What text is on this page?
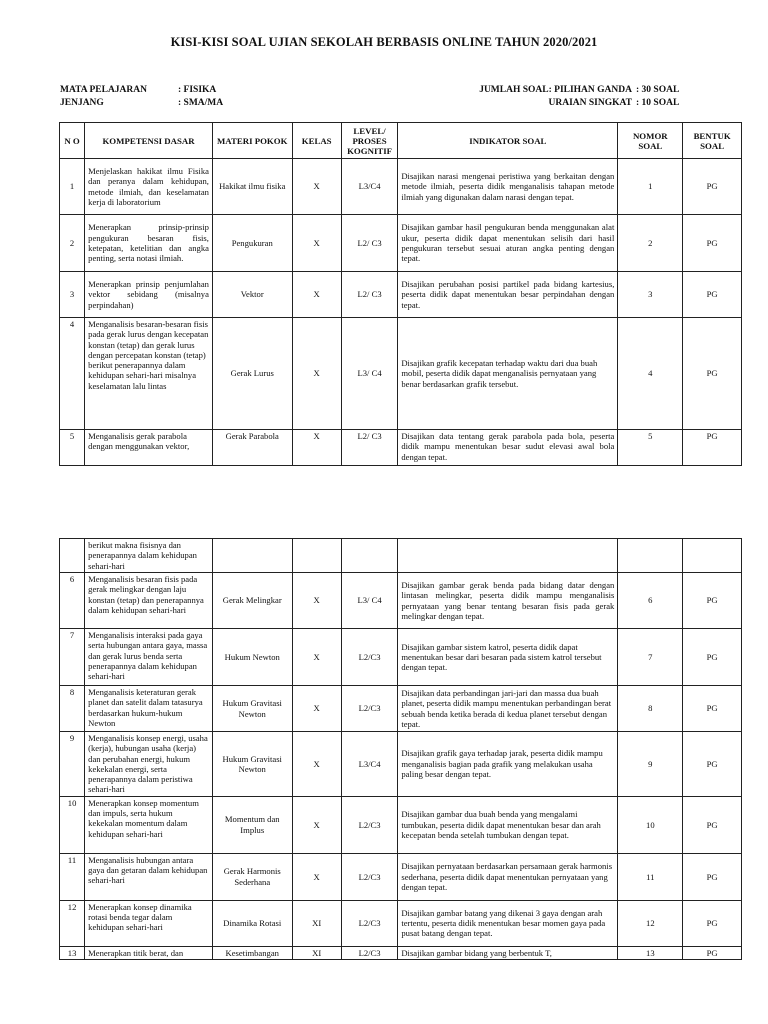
KISI-KISI SOAL UJIAN SEKOLAH BERBASIS ONLINE TAHUN 2020/2021
MATA PELAJARAN	: FISIKA
JENJANG	: SMA/MA
JUMLAH SOAL: PILIHAN GANDA : 30 SOAL
URAIAN SINGKAT : 10 SOAL
N O	KOMPETENSI DASAR	MATERI POKOK	KELAS	LEVEL/ PROSES KOGNITIF	INDIKATOR SOAL	NOMOR SOAL	BENTUK SOAL
1	Menjelaskan hakikat ilmu Fisika dan peranya dalam kehidupan, metode ilmiah, dan keselamatan kerja di laboratorium	Hakikat ilmu fisika	X	L3/C4	Disajikan narasi mengenai peristiwa yang berkaitan dengan metode ilmiah, peserta didik menganalisis tahapan metode ilmiah yang digunakan dalam narasi dengan tepat.	1	PG
2	Menerapkan prinsip-prinsip pengukuran besaran fisis, ketepatan, ketelitian dan angka penting, serta notasi ilmiah.	Pengukuran	X	L2/ C3	Disajikan gambar hasil pengukuran benda menggunakan alat ukur, peserta didik dapat menentukan selisih dari hasil pengukuran tersebut sesuai aturan angka penting dengan tepat.	2	PG
3	Menerapkan prinsip penjumlahan vektor sebidang (misalnya perpindahan)	Vektor	X	L2/ C3	Disajikan perubahan posisi partikel pada bidang kartesius, peserta didik dapat menentukan besar perpindahan dengan tepat.	3	PG
4	Menganalisis besaran-besaran fisis pada gerak lurus dengan kecepatan konstan (tetap) dan gerak lurus dengan percepatan konstan (tetap) berikut penerapannya dalam kehidupan sehari-hari misalnya keselamatan lalu lintas	Gerak Lurus	X	L3/ C4	Disajikan grafik kecepatan terhadap waktu dari dua buah mobil, peserta didik dapat menganalisis pernyataan yang benar berdasarkan grafik tersebut.	4	PG
5	Menganalisis gerak parabola dengan menggunakan vektor,	Gerak Parabola	X	L2/ C3	Disajikan data tentang gerak parabola pada bola, peserta didik mampu menentukan besar sudut elevasi awal bola dengan tepat.	5	PG
	berikut makna fisisnya dan penerapannya dalam kehidupan sehari-hari						
6	Menganalisis besaran fisis pada gerak melingkar dengan laju konstan (tetap) dan penerapannya dalam kehidupan sehari-hari	Gerak Melingkar	X	L3/ C4	Disajikan gambar gerak benda pada bidang datar dengan lintasan melingkar, peserta didik mampu menganalisis pernyataan yang benar tentang besaran fisis pada gerak melingkar dengan tepat.	6	PG
7	Menganalisis interaksi pada gaya serta hubungan antara gaya, massa dan gerak lurus benda serta penerapannya dalam kehidupan sehari-hari	Hukum Newton	X	L2/C3	Disajikan gambar sistem katrol, peserta didik dapat menentukan besar dari besaran pada sistem katrol tersebut dengan tepat.	7	PG
8	Menganalisis keteraturan gerak planet dan satelit dalam tatasurya berdasarkan hukum-hukum Newton	Hukum Gravitasi Newton	X	L2/C3	Disajikan data perbandingan jari-jari dan massa dua buah planet, peserta didik mampu menentukan perbandingan berat sebuah benda ketika berada di kedua planet tersebut dengan tepat.	8	PG
9	Menganalisis konsep energi, usaha (kerja), hubungan usaha (kerja) dan perubahan energi, hukum kekekalan energi, serta penerapannya dalam peristiwa sehari-hari	Hukum Gravitasi Newton	X	L3/C4	Disajikan grafik gaya terhadap jarak, peserta didik mampu menganalisis bagian pada grafik yang melakukan usaha paling besar dengan tepat.	9	PG
10	Menerapkan konsep momentum dan impuls, serta hukum kekekalan momentum dalam kehidupan sehari-hari	Momentum dan Implus	X	L2/C3	Disajikan gambar dua buah benda yang mengalami tumbukan, peserta didik dapat menentukan besar dan arah kecepatan benda setelah tumbukan dengan tepat.	10	PG
11	Menganalisis hubungan antara gaya dan getaran dalam kehidupan sehari-hari	Gerak Harmonis Sederhana	X	L2/C3	Disajikan pernyataan berdasarkan persamaan gerak harmonis sederhana, peserta didik dapat menentukan pernyataan yang dengan tepat.	11	PG
12	Menerapkan konsep dinamika rotasi benda tegar dalam kehidupan sehari-hari	Dinamika Rotasi	XI	L2/C3	Disajikan gambar batang yang dikenai 3 gaya dengan arah tertentu, peserta didik menentukan besar momen gaya pada pusat batang dengan tepat.	12	PG
13	Menerapkan titik berat, dan	Kesetimbangan	XI	L2/C3	Disajikan gambar bidang yang berbentuk T,	13	PG
